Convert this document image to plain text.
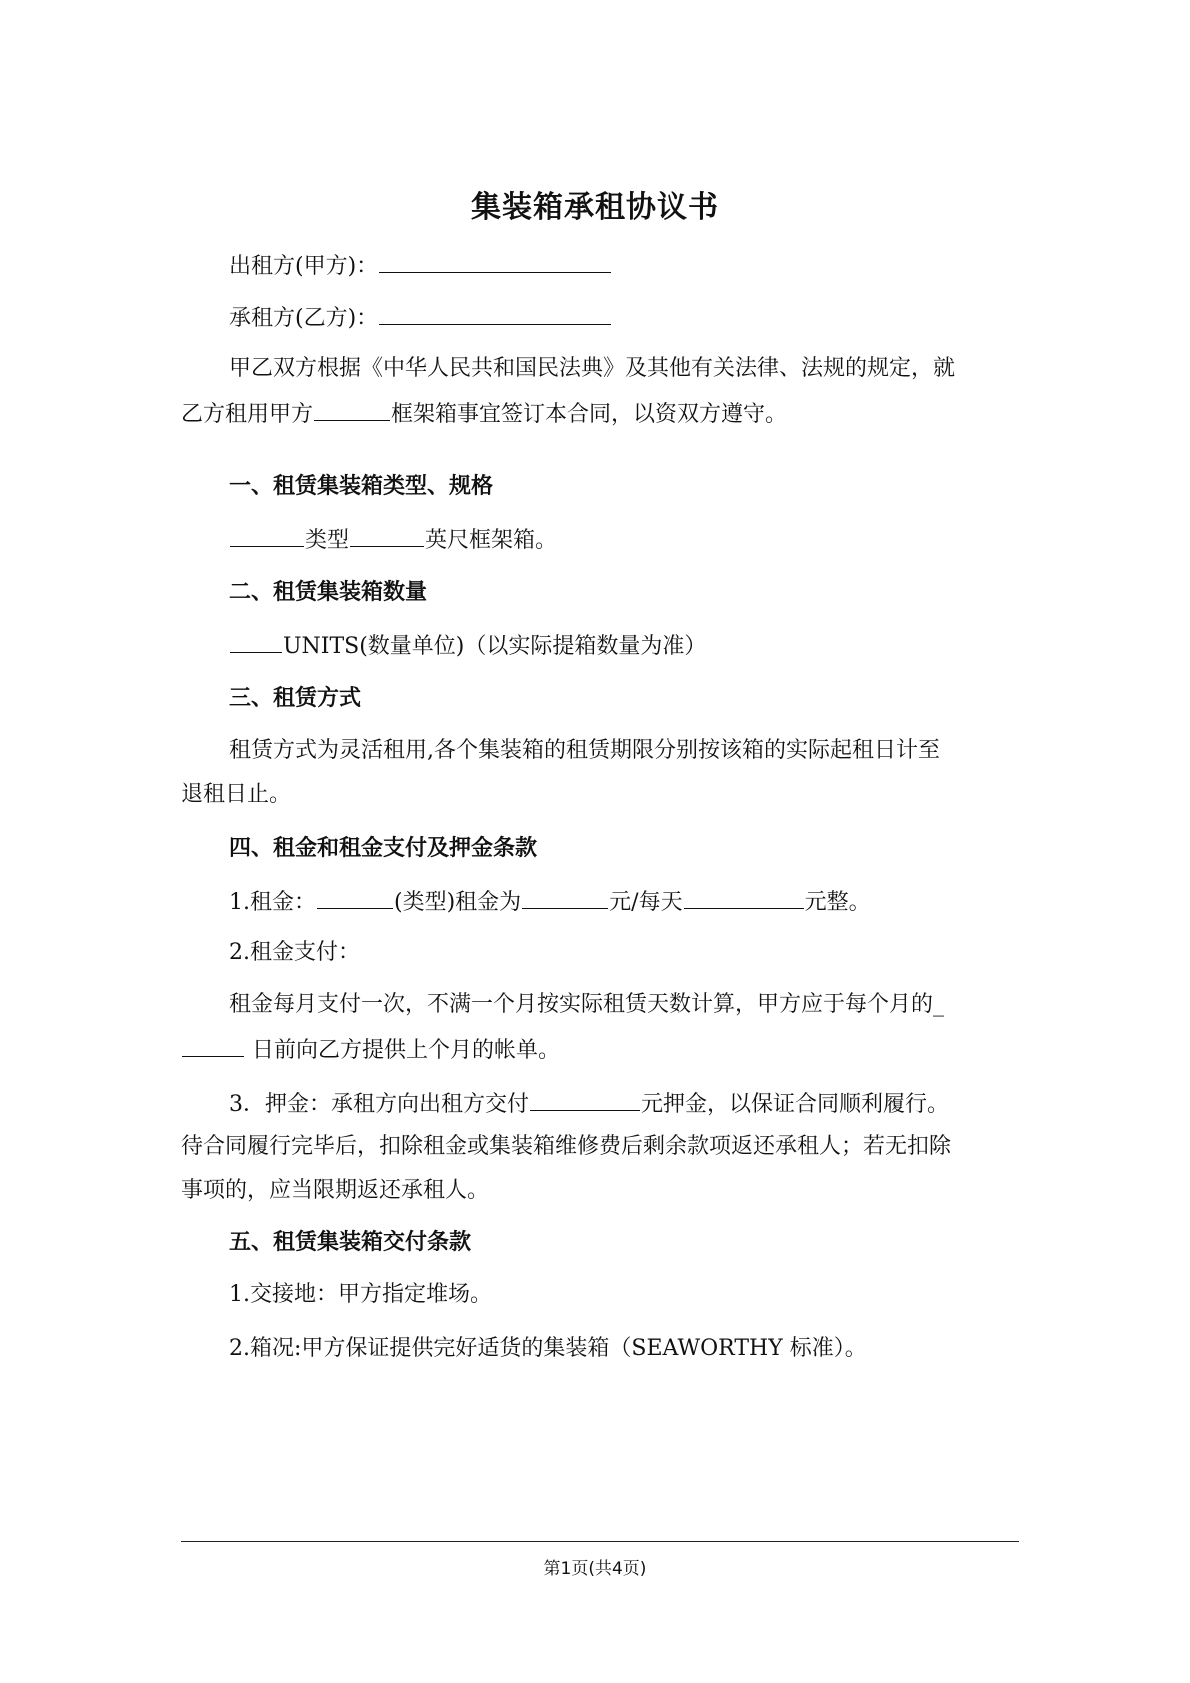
集装箱承租协议书
出租方(甲方)：
承租方(乙方)：
甲乙双方根据《中华人民共和国民法典》及其他有关法律、法规的规定，就
乙方租用甲方	框架箱事宜签订本合同，以资双方遵守。
一、租赁集装箱类型、规格
类型	英尺框架箱。
二、租赁集装箱数量
UNITS(数量单位)（以实际提箱数量为准）
三、租赁方式
租赁方式为灵活租用,各个集装箱的租赁期限分别按该箱的实际起租日计至
退租日止。
四、租金和租金支付及押金条款
1.租金：	(类型)租金为	元/每天	元整。
2.租金支付：
租金每月支付一次，不满一个月按实际租赁天数计算，甲方应于每个月的_
日前向乙方提供上个月的帐单。
3．押金：承租方向出租方交付	元押金，以保证合同顺利履行。
待合同履行完毕后，扣除租金或集装箱维修费后剩余款项返还承租人；若无扣除
事项的，应当限期返还承租人。
五、租赁集装箱交付条款
1.交接地：甲方指定堆场。
2.箱况:甲方保证提供完好适货的集装箱（SEAWORTHY 标准）。
第1页(共4页)
